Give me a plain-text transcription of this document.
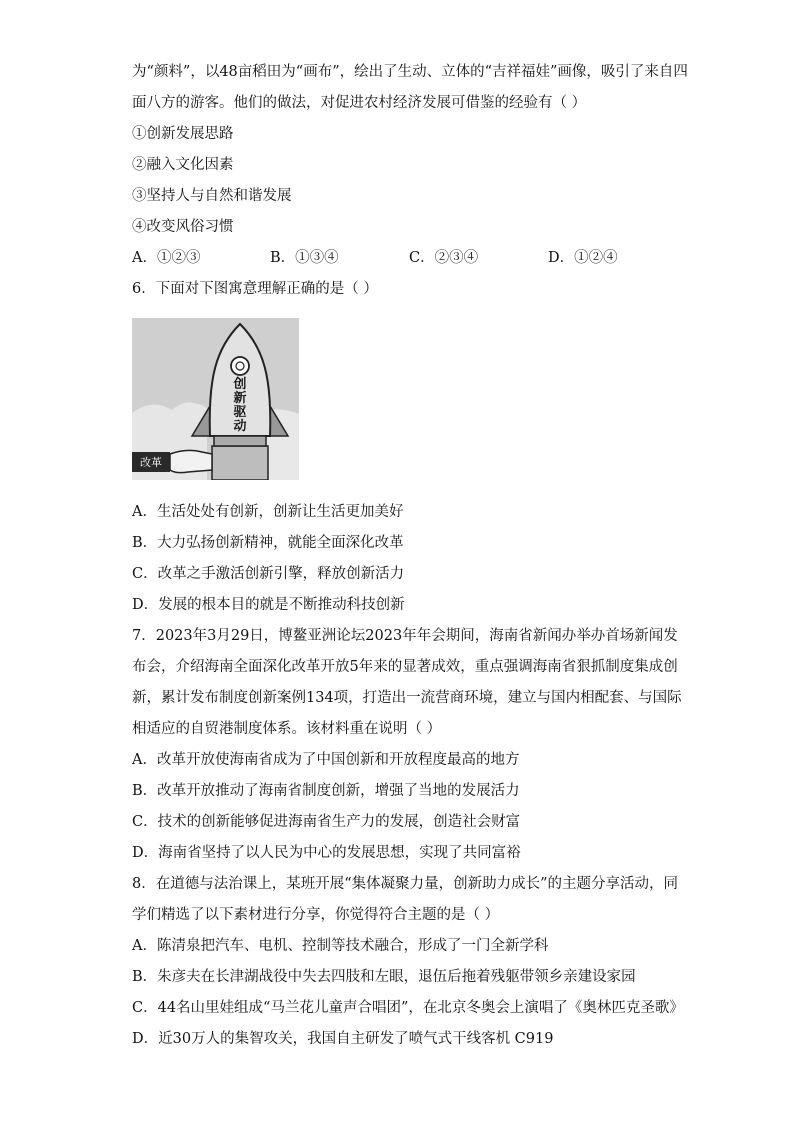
为“颜料”，以48亩稻田为“画布”，绘出了生动、立体的“吉祥福娃”画像，吸引了来自四
面八方的游客。他们的做法，对促进农村经济发展可借鉴的经验有（ ）
①创新发展思路
②融入文化因素
③坚持人与自然和谐发展
④改变风俗习惯
A．①②③	B．①③④	C．②③④	D．①②④
6．下面对下图寓意理解正确的是（ ）
创
新
驱
动
改革
A．生活处处有创新，创新让生活更加美好
B．大力弘扬创新精神，就能全面深化改革
C．改革之手激活创新引擎，释放创新活力
D．发展的根本目的就是不断推动科技创新
7．2023年3月29日，博鳌亚洲论坛2023年年会期间，海南省新闻办举办首场新闻发
布会，介绍海南全面深化改革开放5年来的显著成效，重点强调海南省狠抓制度集成创
新，累计发布制度创新案例134项，打造出一流营商环境，建立与国内相配套、与国际
相适应的自贸港制度体系。该材料重在说明（ ）
A．改革开放使海南省成为了中国创新和开放程度最高的地方
B．改革开放推动了海南省制度创新，增强了当地的发展活力
C．技术的创新能够促进海南省生产力的发展，创造社会财富
D．海南省坚持了以人民为中心的发展思想，实现了共同富裕
8．在道德与法治课上，某班开展“集体凝聚力量，创新助力成长”的主题分享活动，同
学们精选了以下素材进行分享，你觉得符合主题的是（ ）
A．陈清泉把汽车、电机、控制等技术融合，形成了一门全新学科
B．朱彦夫在长津湖战役中失去四肢和左眼，退伍后拖着残躯带领乡亲建设家园
C．44名山里娃组成“马兰花儿童声合唱团”，在北京冬奥会上演唱了《奥林匹克圣歌》
D．近30万人的集智攻关，我国自主研发了喷气式干线客机 C919
